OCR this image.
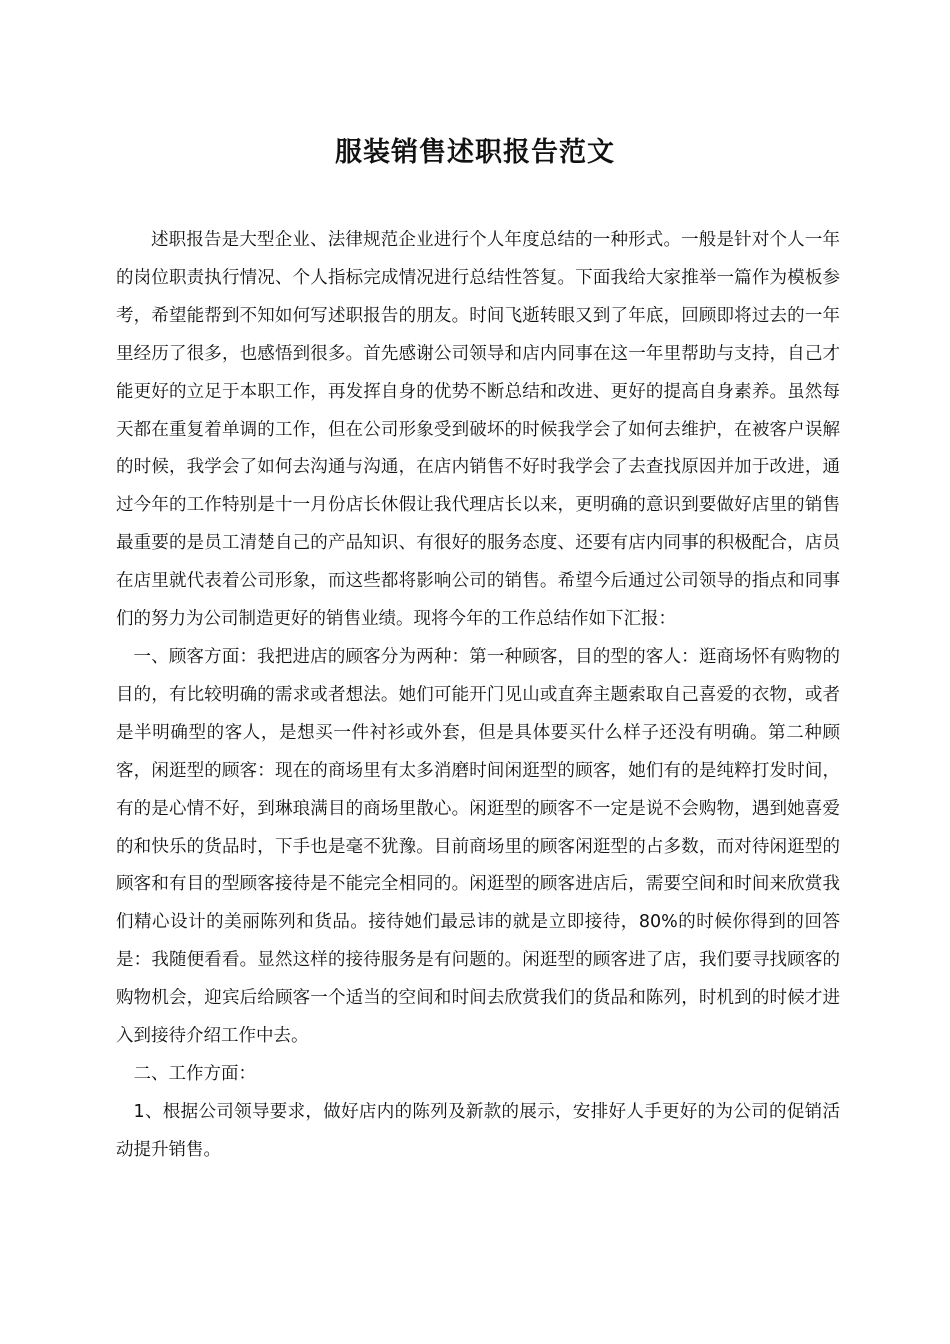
服装销售述职报告范文

述职报告是大型企业、法律规范企业进行个人年度总结的一种形式。一般是针对个人一年的岗位职责执行情况、个人指标完成情况进行总结性答复。下面我给大家推举一篇作为模板参考，希望能帮到不知如何写述职报告的朋友。时间飞逝转眼又到了年底，回顾即将过去的一年里经历了很多，也感悟到很多。首先感谢公司领导和店内同事在这一年里帮助与支持，自己才能更好的立足于本职工作，再发挥自身的优势不断总结和改进、更好的提高自身素养。虽然每天都在重复着单调的工作，但在公司形象受到破坏的时候我学会了如何去维护，在被客户误解的时候，我学会了如何去沟通与沟通，在店内销售不好时我学会了去查找原因并加于改进，通过今年的工作特别是十一月份店长休假让我代理店长以来，更明确的意识到要做好店里的销售最重要的是员工清楚自己的产品知识、有很好的服务态度、还要有店内同事的积极配合，店员在店里就代表着公司形象，而这些都将影响公司的销售。希望今后通过公司领导的指点和同事们的努力为公司制造更好的销售业绩。现将今年的工作总结作如下汇报：

一、顾客方面：我把进店的顾客分为两种：第一种顾客，目的型的客人：逛商场怀有购物的目的，有比较明确的需求或者想法。她们可能开门见山或直奔主题索取自己喜爱的衣物，或者是半明确型的客人，是想买一件衬衫或外套，但是具体要买什么样子还没有明确。第二种顾客，闲逛型的顾客：现在的商场里有太多消磨时间闲逛型的顾客，她们有的是纯粹打发时间，有的是心情不好，到琳琅满目的商场里散心。闲逛型的顾客不一定是说不会购物，遇到她喜爱的和快乐的货品时，下手也是毫不犹豫。目前商场里的顾客闲逛型的占多数，而对待闲逛型的顾客和有目的型顾客接待是不能完全相同的。闲逛型的顾客进店后，需要空间和时间来欣赏我们精心设计的美丽陈列和货品。接待她们最忌讳的就是立即接待，80%的时候你得到的回答是：我随便看看。显然这样的接待服务是有问题的。闲逛型的顾客进了店，我们要寻找顾客的购物机会，迎宾后给顾客一个适当的空间和时间去欣赏我们的货品和陈列，时机到的时候才进入到接待介绍工作中去。

二、工作方面：

1、根据公司领导要求，做好店内的陈列及新款的展示，安排好人手更好的为公司的促销活动提升销售。
